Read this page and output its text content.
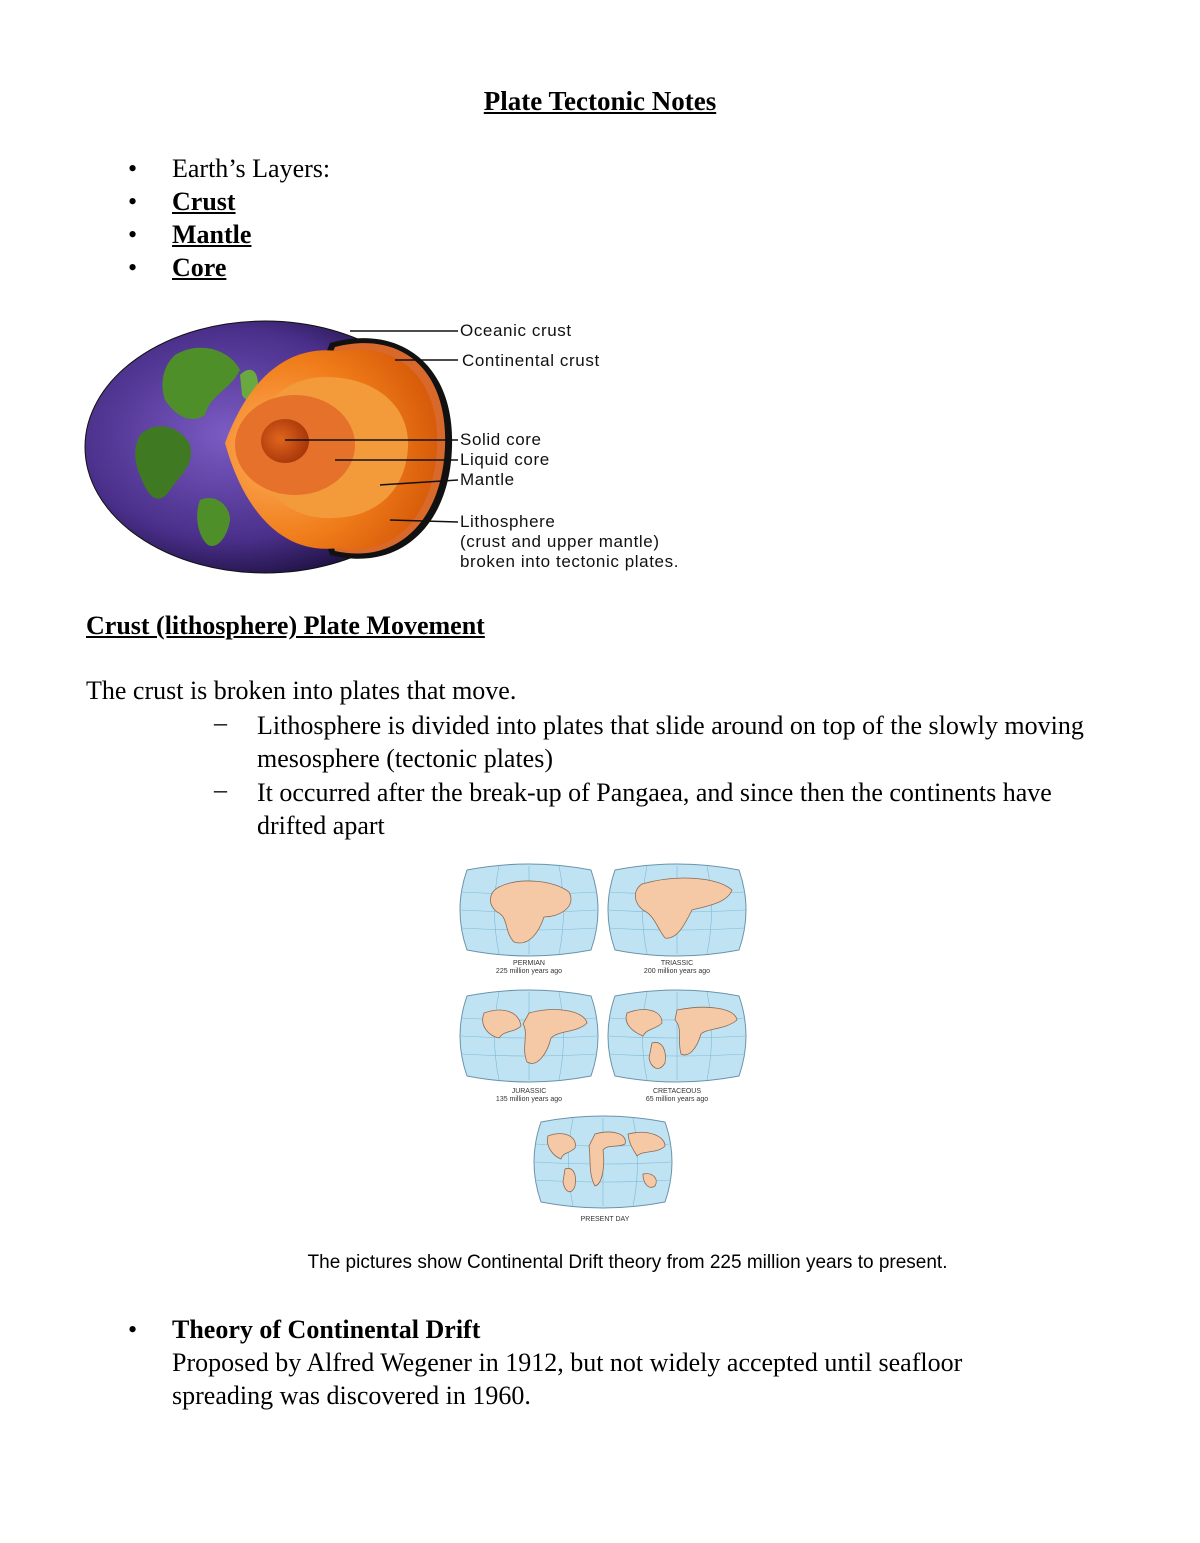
Plate Tectonic Notes
•	Earth’s Layers:
•	Crust
•	Mantle
•	Core
Oceanic crust
Continental crust
Solid core
Liquid core
Mantle
Lithosphere
(crust and upper mantle)
broken into tectonic plates.
Crust (lithosphere) Plate Movement
The crust is broken into plates that move.
– Lithosphere is divided into plates that slide around on top of the slowly moving mesosphere (tectonic plates)
– It occurred after the break-up of Pangaea, and since then the continents have drifted apart
PERMIAN
225 million years ago
TRIASSIC
200 million years ago
JURASSIC
135 million years ago
CRETACEOUS
65 million years ago
PRESENT DAY
The pictures show Continental Drift theory from 225 million years to present.
•	Theory of Continental Drift
Proposed by Alfred Wegener in 1912, but not widely accepted until seafloor spreading was discovered in 1960.
